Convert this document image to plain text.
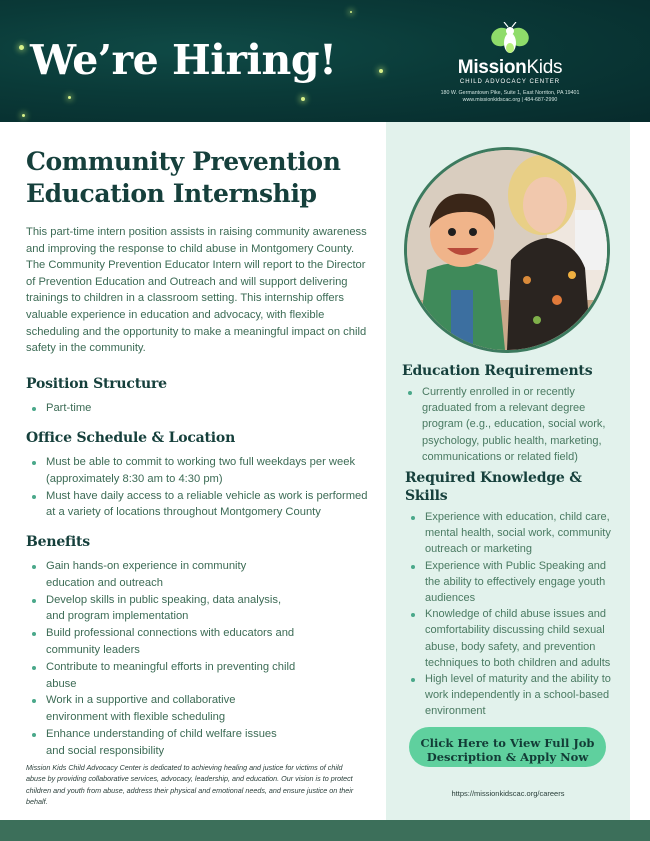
We’re Hiring!	MissionKids
CHILD ADVOCACY CENTER
180 W. Germantown Pike, Suite 1, East Norriton, PA 19401
www.missionkidscac.org | 484-687-2990
Community Prevention
Education Internship

This part-time intern position assists in raising community awareness and improving the response to child abuse in Montgomery County. The Community Prevention Educator Intern will report to the Director of Prevention Education and Outreach and will support delivering trainings to children in a classroom setting. This internship offers valuable experience in education and advocacy, with flexible scheduling and the opportunity to make a meaningful impact on child safety in the community.

Position Structure
Part-time
Office Schedule & Location
Must be able to commit to working two full weekdays per week (approximately 8:30 am to 4:30 pm)
Must have daily access to a reliable vehicle as work is performed at a variety of locations throughout Montgomery County
Benefits
Gain hands-on experience in community education and outreach
Develop skills in public speaking, data analysis, and program implementation
Build professional connections with educators and community leaders
Contribute to meaningful efforts in preventing child abuse
Work in a supportive and collaborative environment with flexible scheduling
Enhance understanding of child welfare issues and social responsibility

Mission Kids Child Advocacy Center is dedicated to achieving healing and justice for victims of child abuse by providing collaborative services, advocacy, leadership, and education. Our vision is to protect children and youth from abuse, address their physical and emotional needs, and ensure justice on their behalf.

Education Requirements
Currently enrolled in or recently graduated from a relevant degree program (e.g., education, social work, psychology, public health, marketing, communications or related field)
Required Knowledge & Skills
Experience with education, child care, mental health, social work, community outreach or marketing
Experience with Public Speaking and the ability to effectively engage youth audiences
Knowledge of child abuse issues and comfortability discussing child sexual abuse, body safety, and prevention techniques to both children and adults
High level of maturity and the ability to work independently in a school-based environment
Click Here to View Full Job
Description & Apply Now
https://missionkidscac.org/careers
